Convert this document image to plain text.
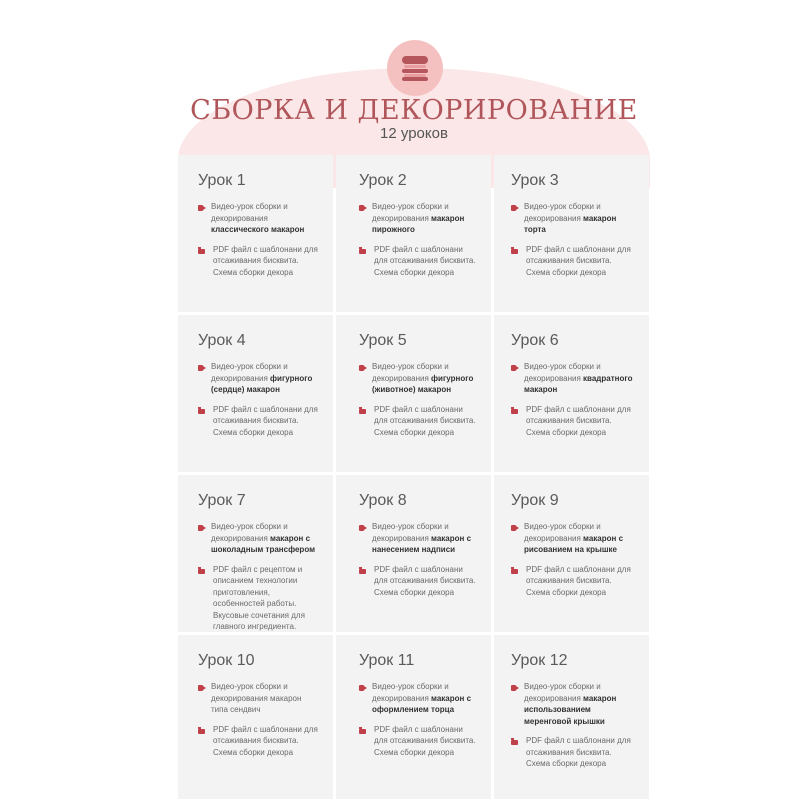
СБОРКА И ДЕКОРИРОВАНИЕ
12 уроков
Урок 1
Видео-урок сборки и декорирования классического макарон
PDF файл с шаблонани для отсаживания бисквита. Схема сборки декора
Урок 2
Видео-урок сборки и декорирования макарон пирожного
PDF файл с шаблонани для отсаживания бисквита. Схема сборки декора
Урок 3
Видео-урок сборки и декорирования макарон торта
PDF файл с шаблонани для отсаживания бисквита. Схема сборки декора
Урок 4
Видео-урок сборки и декорирования фигурного (сердце) макарон
PDF файл с шаблонани для отсаживания бисквита. Схема сборки декора
Урок 5
Видео-урок сборки и декорирования фигурного (животное) макарон
PDF файл с шаблонани для отсаживания бисквита. Схема сборки декора
Урок 6
Видео-урок сборки и декорирования квадратного макарон
PDF файл с шаблонани для отсаживания бисквита. Схема сборки декора
Урок 7
Видео-урок сборки и декорирования макарон с шоколадным трансфером
PDF файл с рецептом и описанием технологии приготовления, особенностей работы. Вкусовые сочетания для главного ингредиента.
Урок 8
Видео-урок сборки и декорирования макарон с нанесением надписи
PDF файл с шаблонани для отсаживания бисквита. Схема сборки декора
Урок 9
Видео-урок сборки и декорирования макарон с рисованием на крышке
PDF файл с шаблонани для отсаживания бисквита. Схема сборки декора
Урок 10
Видео-урок сборки и декорирования макарон типа сендвич
PDF файл с шаблонани для отсаживания бисквита. Схема сборки декора
Урок 11
Видео-урок сборки и декорирования макарон с оформлением торца
PDF файл с шаблонани для отсаживания бисквита. Схема сборки декора
Урок 12
Видео-урок сборки и декорирования макарон использованием меренговой крышки
PDF файл с шаблонани для отсаживания бисквита. Схема сборки декора
